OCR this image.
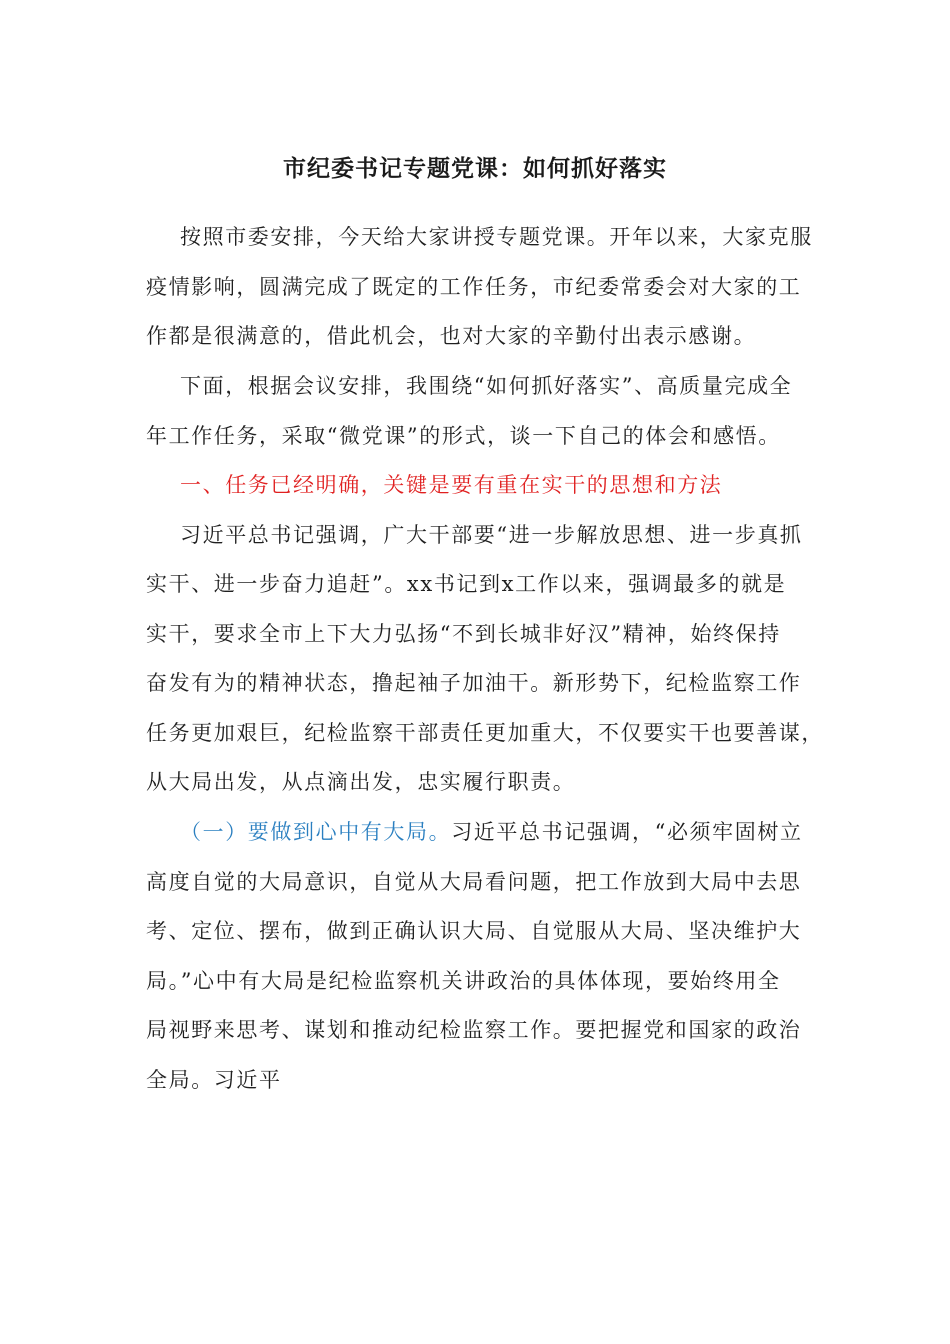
市纪委书记专题党课：如何抓好落实
按照市委安排，今天给大家讲授专题党课。开年以来，大家克服
疫情影响，圆满完成了既定的工作任务，市纪委常委会对大家的工
作都是很满意的，借此机会，也对大家的辛勤付出表示感谢。
下面，根据会议安排，我围绕“如何抓好落实”、高质量完成全
年工作任务，采取“微党课”的形式，谈一下自己的体会和感悟。
一、任务已经明确，关键是要有重在实干的思想和方法
习近平总书记强调，广大干部要“进一步解放思想、进一步真抓
实干、进一步奋力追赶”。xx书记到x工作以来，强调最多的就是
实干，要求全市上下大力弘扬“不到长城非好汉”精神，始终保持
奋发有为的精神状态，撸起袖子加油干。新形势下，纪检监察工作
任务更加艰巨，纪检监察干部责任更加重大，不仅要实干也要善谋，
从大局出发，从点滴出发，忠实履行职责。
（一）要做到心中有大局。习近平总书记强调，“必须牢固树立
高度自觉的大局意识，自觉从大局看问题，把工作放到大局中去思
考、定位、摆布，做到正确认识大局、自觉服从大局、坚决维护大
局。”心中有大局是纪检监察机关讲政治的具体体现，要始终用全
局视野来思考、谋划和推动纪检监察工作。要把握党和国家的政治
全局。习近平
